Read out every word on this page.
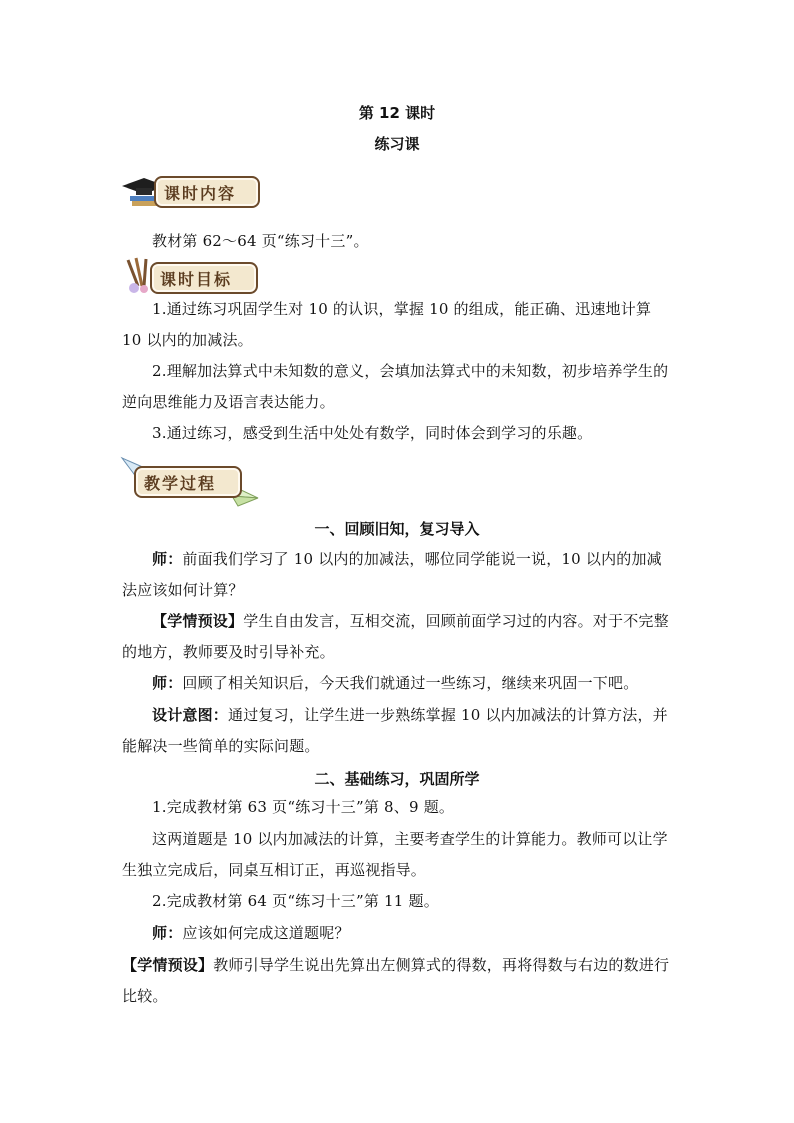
第 12 课时
练习课
课时内容
教材第 62～64 页“练习十三”。
课时目标
1.通过练习巩固学生对 10 的认识，掌握 10 的组成，能正确、迅速地计算 10 以内的加减法。
2.理解加法算式中未知数的意义，会填加法算式中的未知数，初步培养学生的逆向思维能力及语言表达能力。
3.通过练习，感受到生活中处处有数学，同时体会到学习的乐趣。
教学过程
一、回顾旧知，复习导入
师：前面我们学习了 10 以内的加减法，哪位同学能说一说，10 以内的加减法应该如何计算？
【学情预设】学生自由发言，互相交流，回顾前面学习过的内容。对于不完整的地方，教师要及时引导补充。
师：回顾了相关知识后，今天我们就通过一些练习，继续来巩固一下吧。
设计意图：通过复习，让学生进一步熟练掌握 10 以内加减法的计算方法，并能解决一些简单的实际问题。
二、基础练习，巩固所学
1.完成教材第 63 页“练习十三”第 8、9 题。
这两道题是 10 以内加减法的计算，主要考查学生的计算能力。教师可以让学生独立完成后，同桌互相订正，再巡视指导。
2.完成教材第 64 页“练习十三”第 11 题。
师：应该如何完成这道题呢？
【学情预设】教师引导学生说出先算出左侧算式的得数，再将得数与右边的数进行比较。
